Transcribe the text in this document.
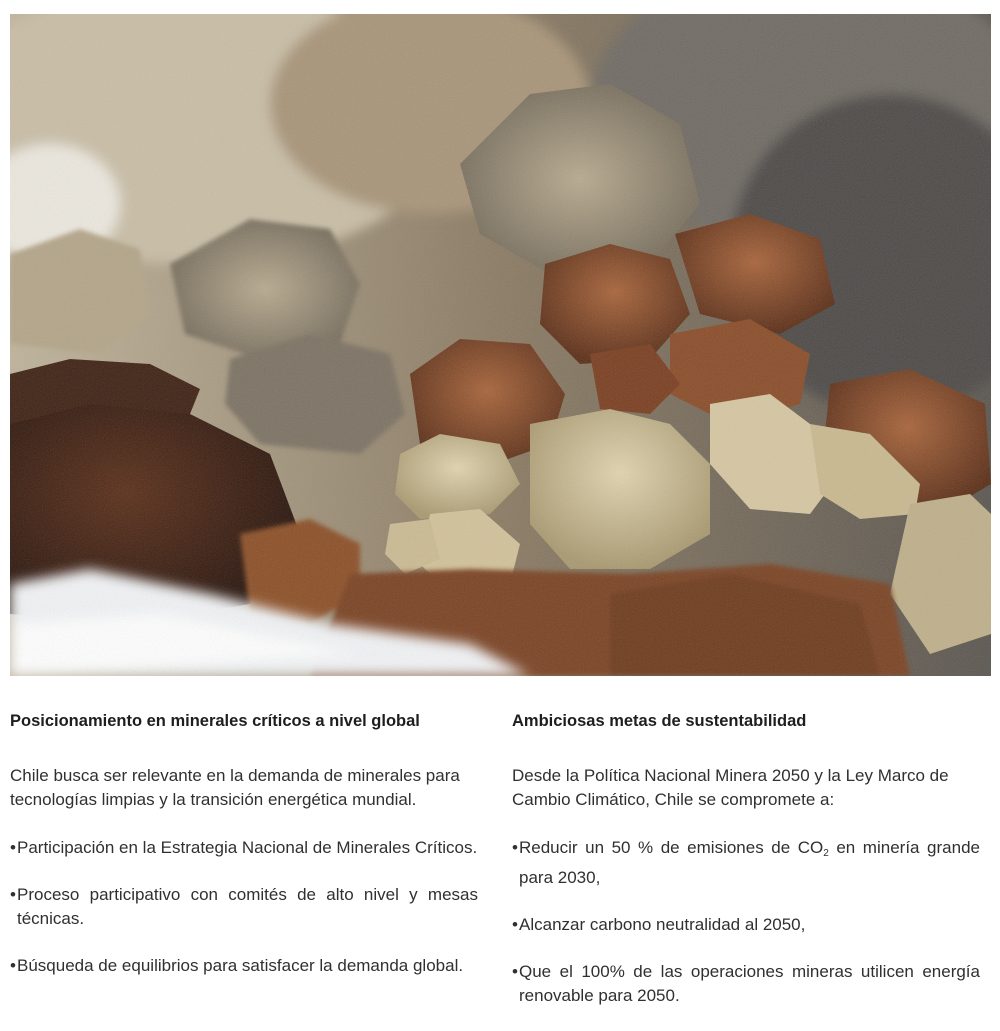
Posicionamiento en minerales críticos a nivel global

Chile busca ser relevante en la demanda de minerales para tecnologías limpias y la transición energética mundial.

• Participación en la Estrategia Nacional de Minerales Críticos.
• Proceso participativo con comités de alto nivel y mesas técnicas.
• Búsqueda de equilibrios para satisfacer la demanda global.
Ambiciosas metas de sustentabilidad

Desde la Política Nacional Minera 2050 y la Ley Marco de Cambio Climático, Chile se compromete a:

• Reducir un 50 % de emisiones de $CO_2$ en minería grande para 2030,
• Alcanzar carbono neutralidad al 2050,
• Que el 100% de las operaciones mineras utilicen energía renovable para 2050.
